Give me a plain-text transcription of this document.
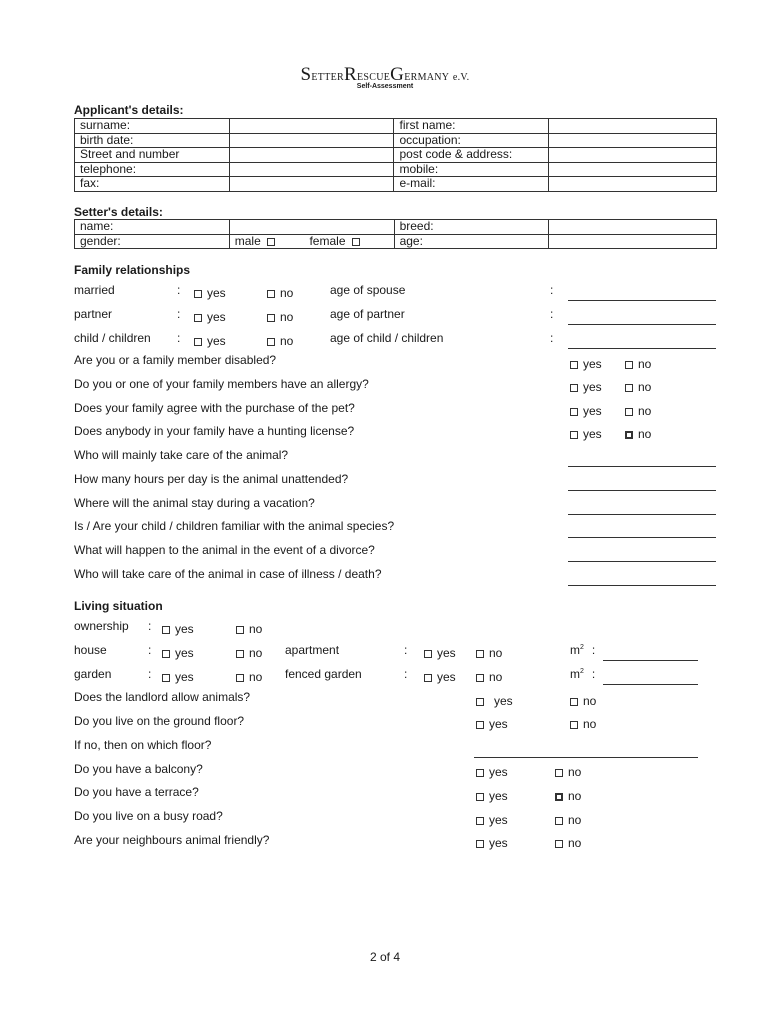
SETTERRESCUEGERMANY e.V.
Self-Assessment
Applicant's details:
surname:		first name:	
birth date:		occupation:	
Street and number		post code & address:	
telephone:		mobile:	
fax:		e-mail:	
Setter's details:
name:		breed:	
gender:	male female	age:	
Family relationships
married	:	yes	no	age of spouse	:
partner	:	yes	no	age of partner	:
child / children :	yes	no	age of child / children	:
Are you or a family member disabled?	yes	no
Do you or one of your family members have an allergy?	yes	no
Does your family agree with the purchase of the pet?	yes	no
Does anybody in your family have a hunting license?	yes	no
Who will mainly take care of the animal?
How many hours per day is the animal unattended?
Where will the animal stay during a vacation?
Is / Are your child / children familiar with the animal species?
What will happen to the animal in the event of a divorce?
Who will take care of the animal in case of illness / death?
Living situation
ownership :	yes	no
house	:	yes	no apartment	:	yes	no	$m^2$ :
garden	:	yes	no fenced garden	:	yes	no	$m^2$ :
Does the landlord allow animals?	yes	no
Do you live on the ground floor?	yes	no
If no, then on which floor?
Do you have a balcony?	yes	no
Do you have a terrace?	yes	no
Do you live on a busy road?	yes	no
Are your neighbours animal friendly?	yes	no
2 of 4
